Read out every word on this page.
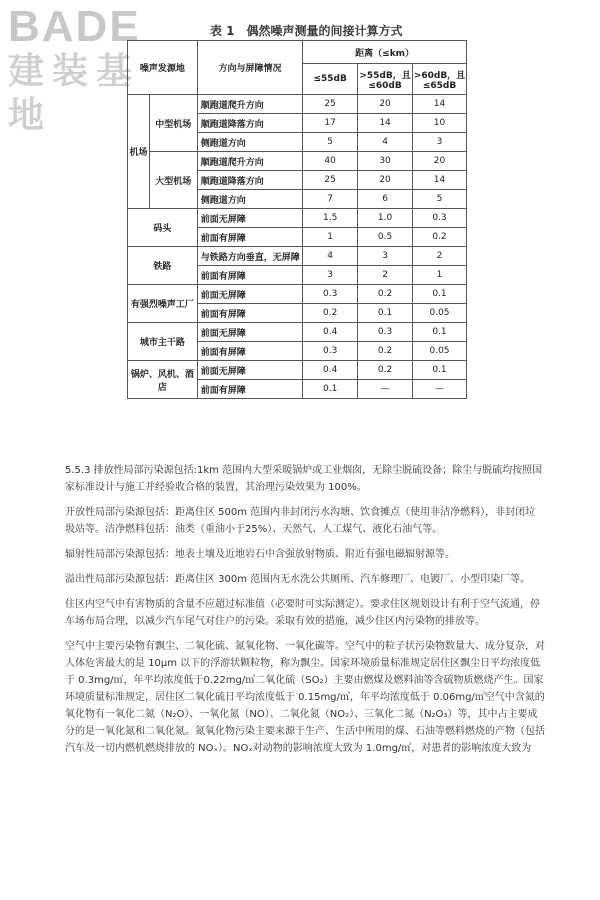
BADE
建装基地
表 1　偶然噪声测量的间接计算方式
噪声发源地		方向与屏障情况	距离（≤km）		
			≤55dB	>55dB，且≤60dB	>60dB，且≤65dB
机场	中型机场	顺跑道爬升方向	25	20	14
		顺跑道降落方向	17	14	10
		侧跑道方向	5	4	3
	大型机场	顺跑道爬升方向	40	30	20
		顺跑道降落方向	25	20	14
		侧跑道方向	7	6	5
码头		前面无屏障	1.5	1.0	0.3
		前面有屏障	1	0.5	0.2
铁路		与铁路方向垂直，无屏障	4	3	2
		前面有屏障	3	2	1
有强烈噪声工厂		前面无屏障	0.3	0.2	0.1
		前面有屏障	0.2	0.1	0.05
城市主干路		前面无屏障	0.4	0.3	0.1
		前面有屏障	0.3	0.2	0.05
锅炉、风机、酒店		前面无屏障	0.4	0.2	0.1
		前面有屏障	0.1	—	—

5.5.3 排放性局部污染源包括:1km 范围内大型采暖锅炉或工业烟囱，无除尘脱硫设备；除尘与脱硫均按照国家标准设计与施工并经验收合格的装置，其治理污染效果为 100%。

开放性局部污染源包括：距离住区 500m 范围内非封闭污水沟塘、饮食摊点（使用非洁净燃料），非封闭垃圾站等。洁净燃料包括：油类（重油小于25%）、天然气、人工煤气、液化石油气等。

辐射性局部污染源包括：地表土壤及近地岩石中含强放射物质、附近有强电磁辐射源等。

溢出性局部污染源包括：距离住区 300m 范围内无水洗公共厕所、汽车修理厂、电镀厂、小型印染厂等。

住区内空气中有害物质的含量不应超过标准值（必要时可实际测定）。要求住区规划设计有利于空气流通，停车场布局合理，以减少汽车尾气对住户的污染。采取有效的措施，减少住区内污染物的排放等。

空气中主要污染物有飘尘、二氧化硫、氮氧化物、一氧化碳等。空气中的粒子状污染物数量大、成分复杂，对人体危害最大的是 10μm 以下的浮游状颗粒物，称为飘尘。国家环境质量标准规定居住区飘尘日平均浓度低于 0.3mg/㎥，年平均浓度低于0.22mg/㎥二氧化硫（SO₂）主要由燃煤及燃料油等含硫物质燃烧产生。国家环境质量标准规定，居住区二氧化硫日平均浓度低于 0.15mg/㎥，年平均浓度低于 0.06mg/㎥空气中含氮的氧化物有一氧化二氮（N₂O）、一氧化氮（NO）、二氧化氮（NO₂）、三氧化二氮（N₂O₃）等，其中占主要成分的是一氧化氮和二氧化氮。氮氧化物污染主要来源于生产、生活中所用的煤、石油等燃料燃烧的产物（包括汽车及一切内燃机燃烧排放的 NOₓ）。NOₓ对动物的影响浓度大致为 1.0mg/㎥，对患者的影响浓度大致为
